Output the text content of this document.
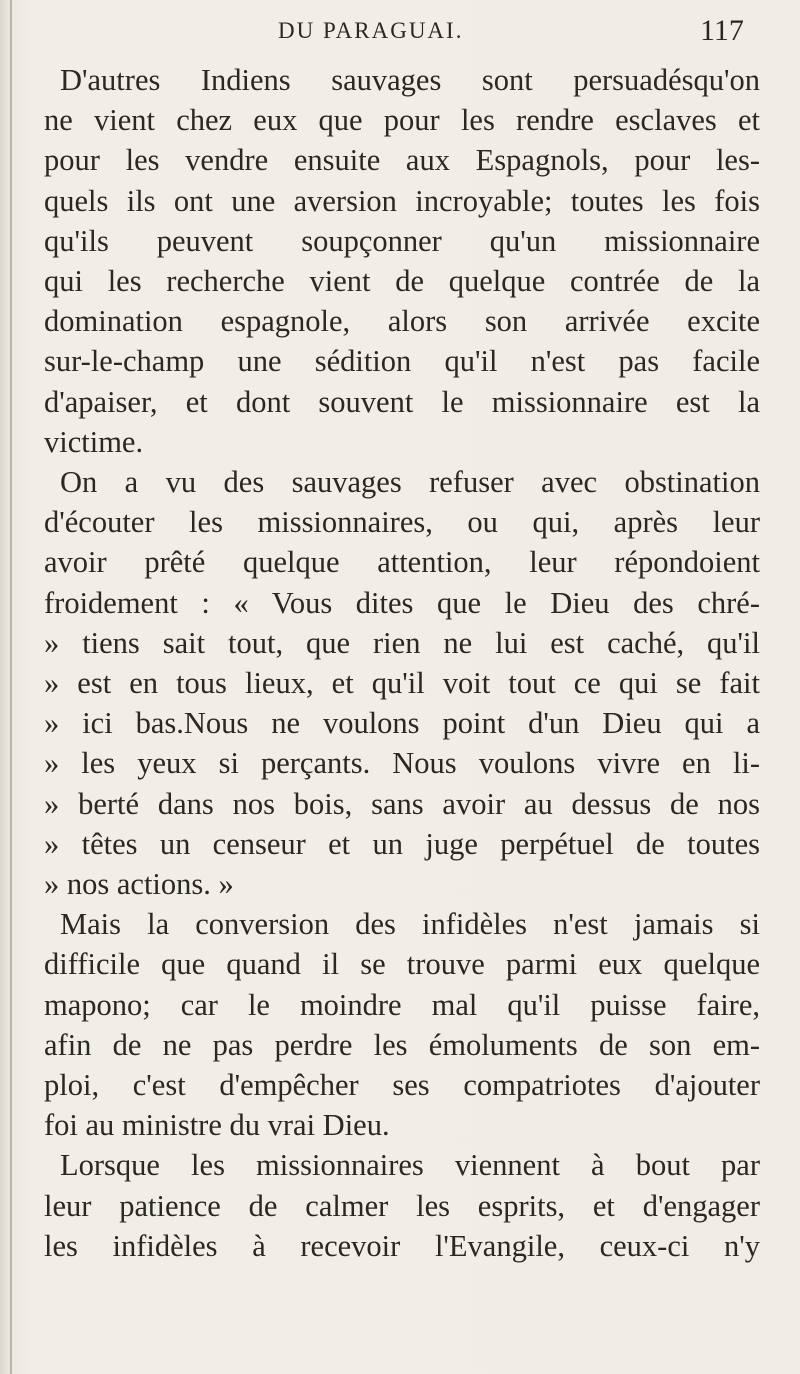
DU PARAGUAI.	117
D'autres Indiens sauvages sont persuadésqu'on
ne vient chez eux que pour les rendre esclaves et
pour les vendre ensuite aux Espagnols, pour les-
quels ils ont une aversion incroyable; toutes les fois
qu'ils peuvent soupçonner qu'un missionnaire
qui les recherche vient de quelque contrée de la
domination espagnole, alors son arrivée excite
sur-le-champ une sédition qu'il n'est pas facile
d'apaiser, et dont souvent le missionnaire est la
victime.
On a vu des sauvages refuser avec obstination
d'écouter les missionnaires, ou qui, après leur
avoir prêté quelque attention, leur répondoient
froidement : « Vous dites que le Dieu des chré-
» tiens sait tout, que rien ne lui est caché, qu'il
» est en tous lieux, et qu'il voit tout ce qui se fait
» ici bas.Nous ne voulons point d'un Dieu qui a
» les yeux si perçants. Nous voulons vivre en li-
» berté dans nos bois, sans avoir au dessus de nos
» têtes un censeur et un juge perpétuel de toutes
» nos actions. »
Mais la conversion des infidèles n'est jamais si
difficile que quand il se trouve parmi eux quelque
mapono; car le moindre mal qu'il puisse faire,
afin de ne pas perdre les émoluments de son em-
ploi, c'est d'empêcher ses compatriotes d'ajouter
foi au ministre du vrai Dieu.
Lorsque les missionnaires viennent à bout par
leur patience de calmer les esprits, et d'engager
les infidèles à recevoir l'Evangile, ceux-ci n'y
